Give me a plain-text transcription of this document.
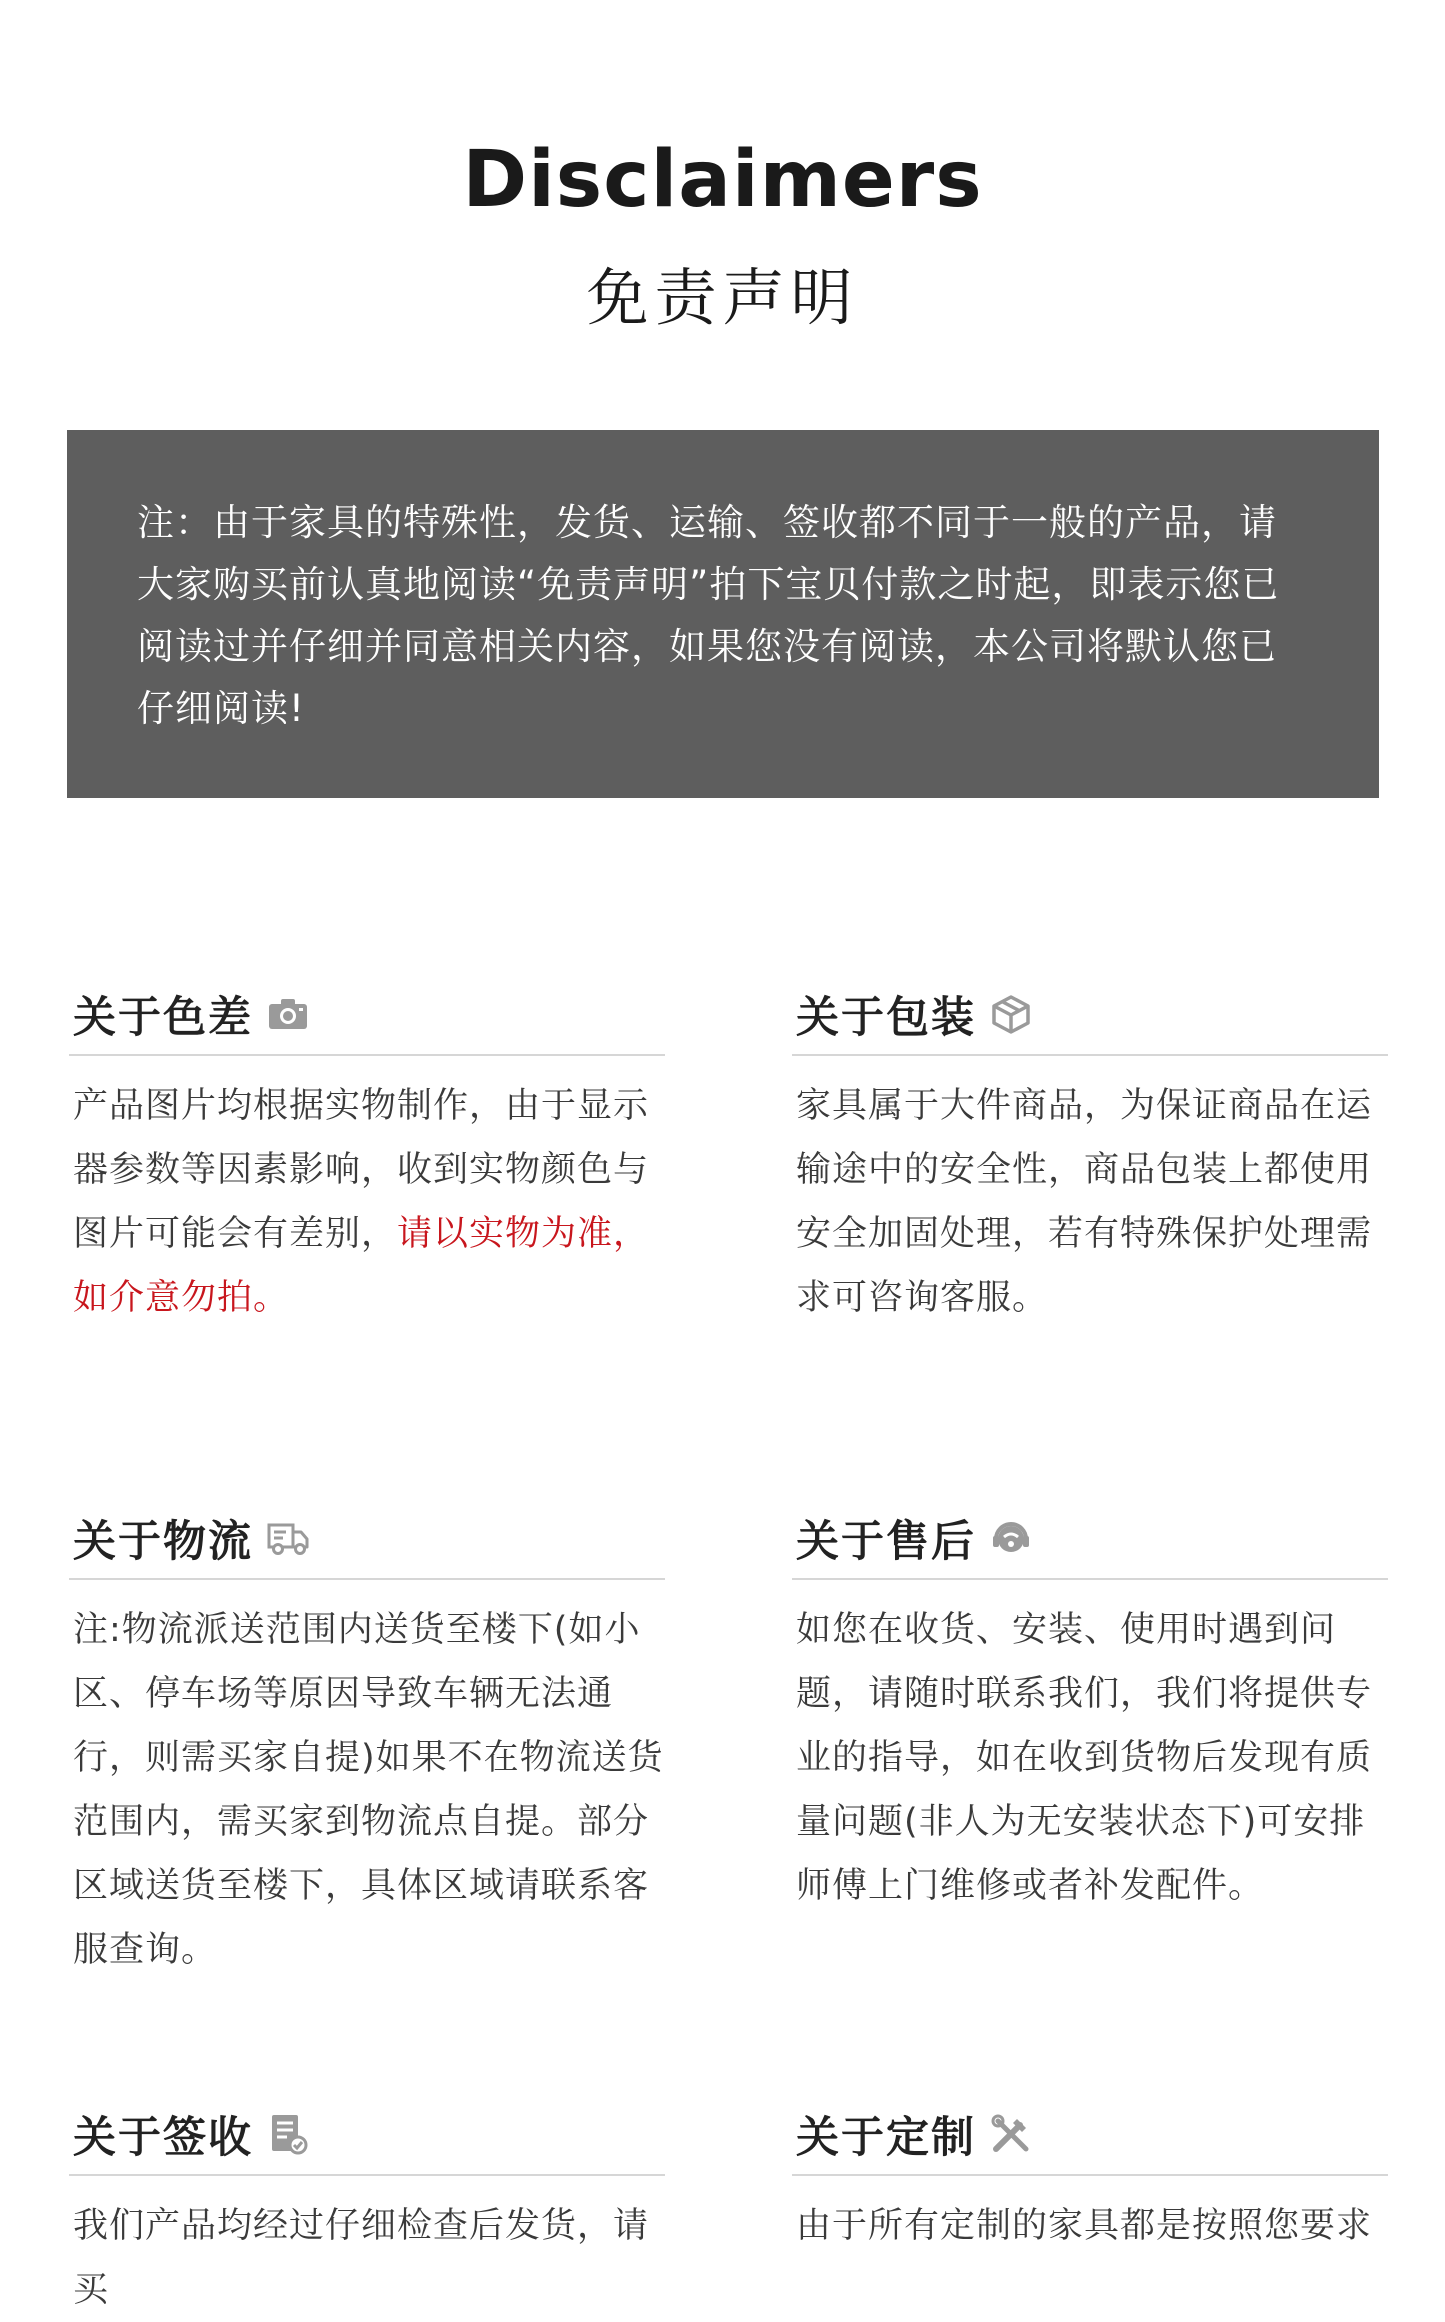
Disclaimers
免责声明
注：由于家具的特殊性，发货、运输、签收都不同于一般的产品，请大家购买前认真地阅读“免责声明”拍下宝贝付款之时起，即表示您已阅读过并仔细并同意相关内容，如果您没有阅读，本公司将默认您已仔细阅读!
关于色差
产品图片均根据实物制作，由于显示器参数等因素影响，收到实物颜色与图片可能会有差别，请以实物为准，如介意勿拍。
关于包装
家具属于大件商品，为保证商品在运输途中的安全性，商品包装上都使用安全加固处理，若有特殊保护处理需求可咨询客服。
关于物流
注:物流派送范围内送货至楼下(如小区、停车场等原因导致车辆无法通行，则需买家自提)如果不在物流送货范围内，需买家到物流点自提。部分区域送货至楼下，具体区域请联系客服查询。
关于售后
如您在收货、安装、使用时遇到问题，请随时联系我们，我们将提供专业的指导，如在收到货物后发现有质量问题(非人为无安装状态下)可安排师傅上门维修或者补发配件。
关于签收
我们产品均经过仔细检查后发货，请买
关于定制
由于所有定制的家具都是按照您要求
